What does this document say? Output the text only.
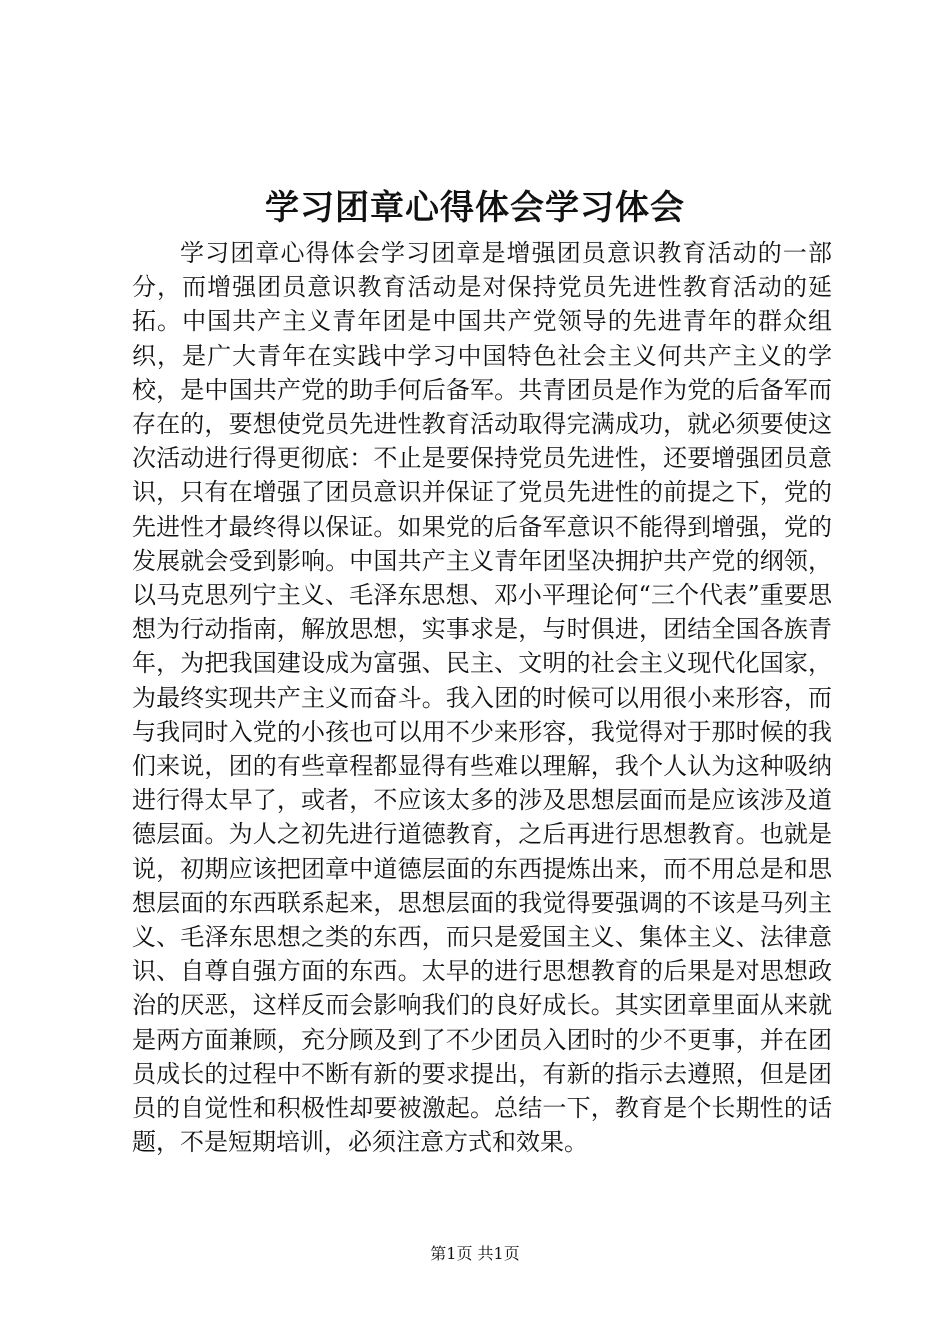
学习团章心得体会学习体会

学习团章心得体会学习团章是增强团员意识教育活动的一部分，而增强团员意识教育活动是对保持党员先进性教育活动的延拓。中国共产主义青年团是中国共产党领导的先进青年的群众组织，是广大青年在实践中学习中国特色社会主义何共产主义的学校，是中国共产党的助手何后备军。共青团员是作为党的后备军而存在的，要想使党员先进性教育活动取得完满成功，就必须要使这次活动进行得更彻底：不止是要保持党员先进性，还要增强团员意识，只有在增强了团员意识并保证了党员先进性的前提之下，党的先进性才最终得以保证。如果党的后备军意识不能得到增强，党的发展就会受到影响。中国共产主义青年团坚决拥护共产党的纲领，以马克思列宁主义、毛泽东思想、邓小平理论何“三个代表”重要思想为行动指南，解放思想，实事求是，与时俱进，团结全国各族青年，为把我国建设成为富强、民主、文明的社会主义现代化国家，为最终实现共产主义而奋斗。我入团的时候可以用很小来形容，而与我同时入党的小孩也可以用不少来形容，我觉得对于那时候的我们来说，团的有些章程都显得有些难以理解，我个人认为这种吸纳进行得太早了，或者，不应该太多的涉及思想层面而是应该涉及道德层面。为人之初先进行道德教育，之后再进行思想教育。也就是说，初期应该把团章中道德层面的东西提炼出来，而不用总是和思想层面的东西联系起来，思想层面的我觉得要强调的不该是马列主义、毛泽东思想之类的东西，而只是爱国主义、集体主义、法律意识、自尊自强方面的东西。太早的进行思想教育的后果是对思想政治的厌恶，这样反而会影响我们的良好成长。其实团章里面从来就是两方面兼顾，充分顾及到了不少团员入团时的少不更事，并在团员成长的过程中不断有新的要求提出，有新的指示去遵照，但是团员的自觉性和积极性却要被激起。总结一下，教育是个长期性的话题，不是短期培训，必须注意方式和效果。

第1页 共1页
